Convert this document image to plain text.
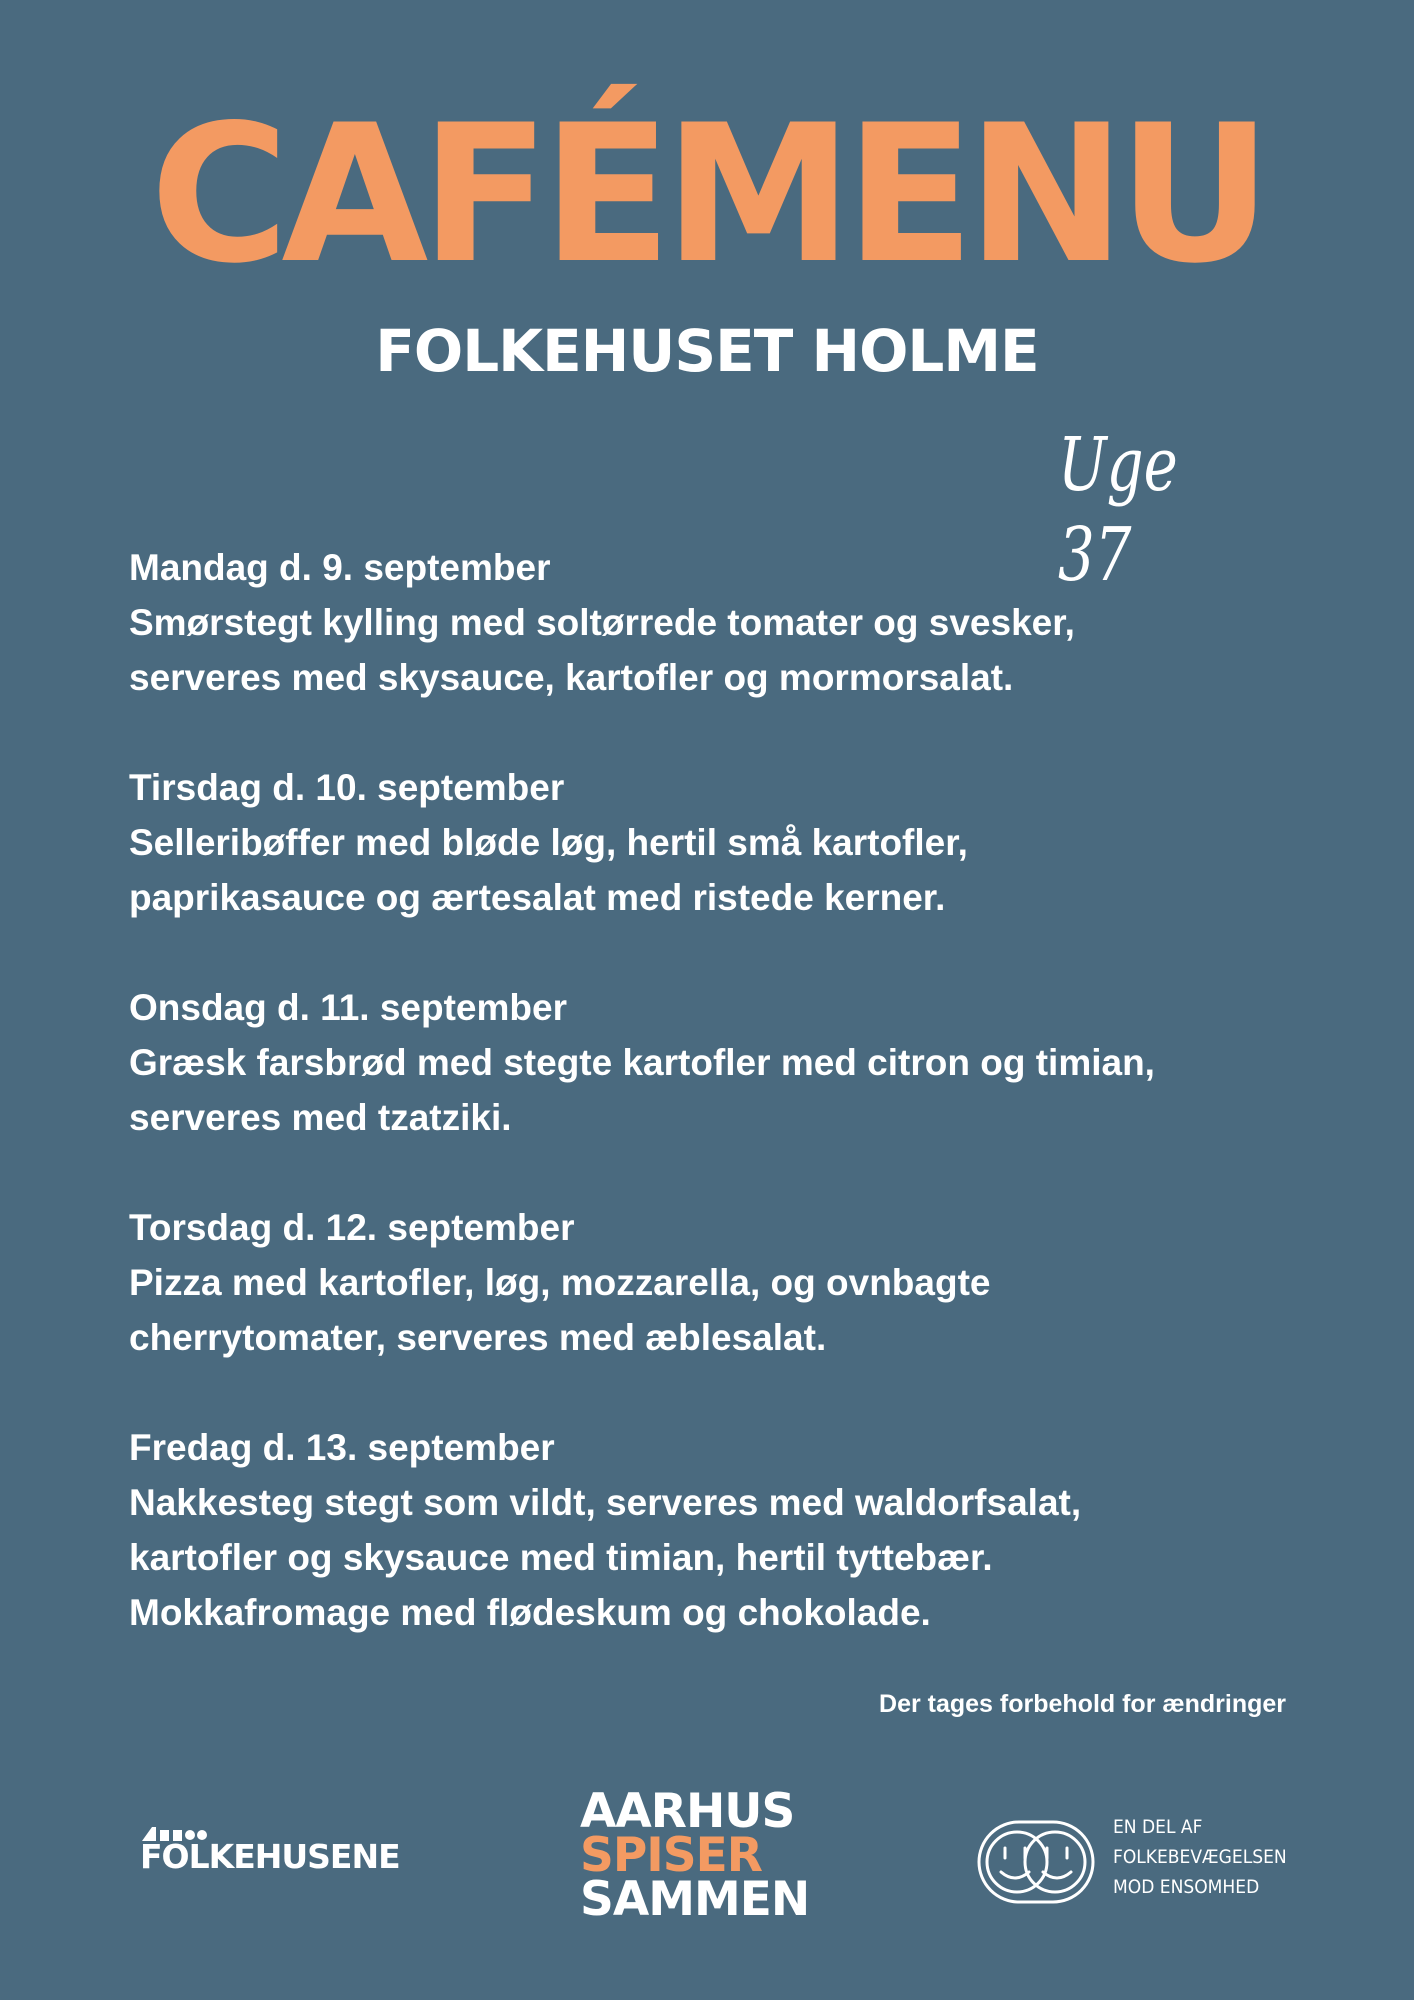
CAFÉMENU
FOLKEHUSET HOLME
Uge 37

Mandag d. 9. september

Smørstegt kylling med soltørrede tomater og svesker,

serveres med skysauce, kartofler og mormorsalat.

Tirsdag d. 10. september

Selleribøffer med bløde løg, hertil små kartofler,

paprikasauce og ærtesalat med ristede kerner.

Onsdag d. 11. september

Græsk farsbrød med stegte kartofler med citron og timian,

serveres med tzatziki.

Torsdag d. 12. september

Pizza med kartofler, løg, mozzarella, og ovnbagte

cherrytomater, serveres med æblesalat.

Fredag d. 13. september

Nakkesteg stegt som vildt, serveres med waldorfsalat,

kartofler og skysauce med timian, hertil tyttebær.

Mokkafromage med flødeskum og chokolade.

Der tages forbehold for ændringer
FOLKEHUSENE
AARHUS
SPISER
SAMMEN
EN DEL AF
FOLKEBEVÆGELSEN
MOD ENSOMHED
